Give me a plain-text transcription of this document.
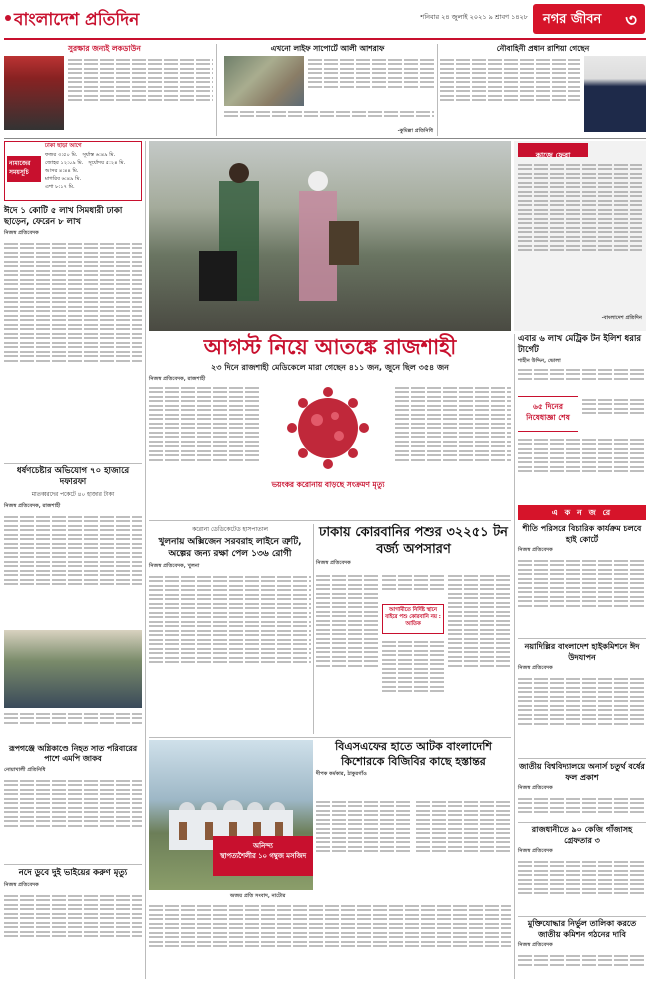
বাংলাদেশ প্রতিদিন	শনিবার ২৪ জুলাই ২০২১ ৯ শ্রাবণ ১৪২৮ নগর জীবন ৩
সুরক্ষার জন্যই লকডাউন	এখনো লাইফ সাপোর্টে আলী আশরাফ
-কুমিল্লা প্রতিনিধি
নৌবাহিনী প্রধান রাশিয়া গেছেন
ঢাকা ছাড়া আগে
নামাজের সময়সূচি
ফজর ৩:৫০ মি. সূর্যাস্ত ৬:৪৯ মি.
জোহর ১২:০৯ মি. সূর্যোদয় ৫:২৪ মি.
আসর ৪:৪৪ মি.
মাগরিব ৬:৪৯ মি.
এশা ৮:১৭ মি.
ঈদে ১ কোটি ৫ লাখ সিমধারী ঢাকা ছাড়েন, ফেরেন ৮ লাখ
নিজস্ব প্রতিবেদক
ধর্ষণচেষ্টার অভিযোগ ৭০ হাজারে দফারফা
মাতব্বরদের পকেটে ৪০ হাজার টাকা
নিজস্ব প্রতিবেদক, রাজশাহী
রূপগঞ্জে অগ্নিকাণ্ডে নিহত সাত পরিবারের পাশে এমপি জাকব
নোয়াখালী প্রতিনিধি
নদে ডুবে দুই ভাইয়ের করুণ মৃত্যু
নিজস্ব প্রতিবেদক
কাজে ফেরা
-বাংলাদেশ প্রতিদিন
এবার ৬ লাখ মেট্রিক টন ইলিশ ধরার টার্গেট
শাহীন উদ্দিন, ভোলা
৬৫ দিনের নিষেধাজ্ঞা শেষ
এ ক ন জ রে
শীতি পরিসরে বিচারিক কার্যক্রম চলবে হাই কোর্টে
নিজস্ব প্রতিবেদক
নয়াদিল্লির বাংলাদেশ হাইকমিশনে ঈদ উদযাপন
নিজস্ব প্রতিবেদক
জাতীয় বিশ্ববিদ্যালয়ে অনার্স চতুর্থ বর্ষের ফল প্রকাশ
নিজস্ব প্রতিবেদক
রাজধানীতে ৯০ কেজি গাঁজাসহ গ্রেফতার ৩
নিজস্ব প্রতিবেদক
মুক্তিযোদ্ধার নির্ভুল তালিকা করতে জাতীয় কমিশন গঠনের দাবি
নিজস্ব প্রতিবেদক
আগস্ট নিয়ে আতঙ্কে রাজশাহী
২৩ দিনে রাজশাহী মেডিকেলে মারা গেছেন ৪১১ জন, জুনে ছিল ৩৫৪ জন
নিজস্ব প্রতিবেদক, রাজশাহী
ভয়ংকর করোনায় বাড়ছে সংক্রমণ মৃত্যু
করোনা ডেডিকেটেড হাসপাতাল
খুলনায় অক্সিজেন সরবরাহ লাইনে ত্রুটি, অল্পের জন্য রক্ষা পেল ১৩৬ রোগী
নিজস্ব প্রতিবেদক, খুলনা
ঢাকায় কোরবানির পশুর ৩২২৫১ টন বর্জ্য অপসারণ
নিজস্ব প্রতিবেদক
আগামীতে নির্দিষ্ট স্থানে বাইরে পশু কোরবানি নয় : আতিক
অনিন্দ্য
স্থাপত্যশৈলীর ১০ গম্বুজ মসজিদ
অজয় প্রতি সংবাদ, নাটোর
বিএসএফের হাতে আটক বাংলাদেশি কিশোরকে বিজিবির কাছে হস্তান্তর
দীপক কর্মকার, ঠাকুরগাঁও
